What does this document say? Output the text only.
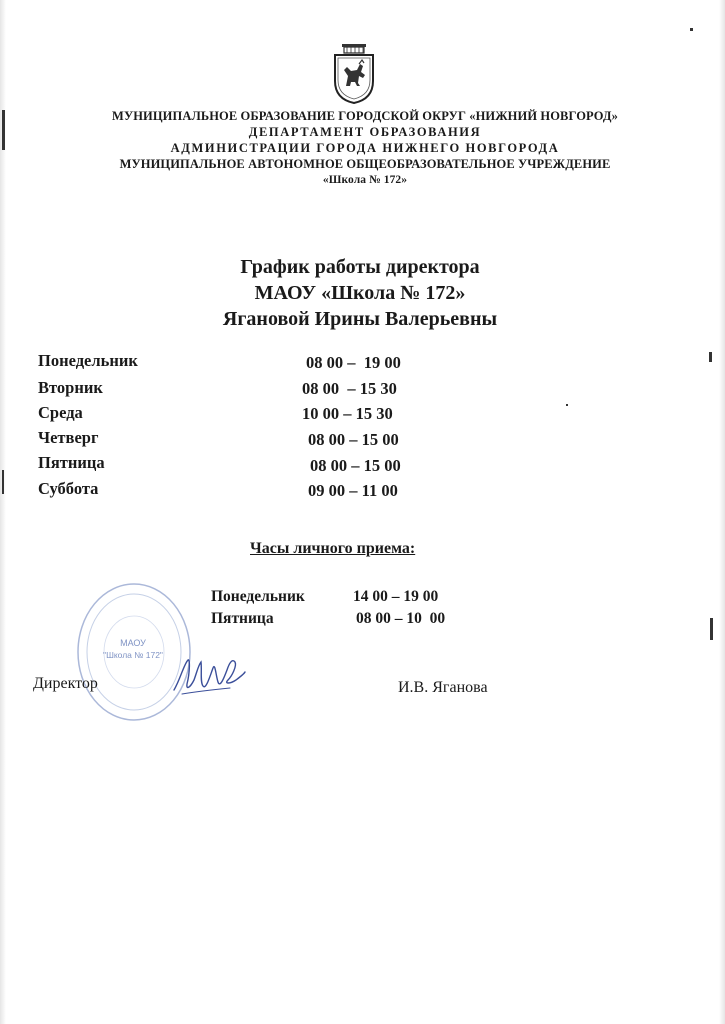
МУНИЦИПАЛЬНОЕ ОБРАЗОВАНИЕ ГОРОДСКОЙ ОКРУГ «НИЖНИЙ НОВГОРОД»
ДЕПАРТАМЕНТ ОБРАЗОВАНИЯ
АДМИНИСТРАЦИИ ГОРОДА НИЖНЕГО НОВГОРОДА
МУНИЦИПАЛЬНОЕ АВТОНОМНОЕ ОБЩЕОБРАЗОВАТЕЛЬНОЕ УЧРЕЖДЕНИЕ
«Школа № 172»
График работы директора
МАОУ «Школа № 172»
Ягановой Ирины Валерьевны
Понедельник	08 00 –  19 00
Вторник	08 00  – 15 30
Среда	10 00 – 15 30
Четверг	08 00 – 15 00
Пятница	08 00 – 15 00
Суббота	09 00 – 11 00
Часы личного приема:
Понедельник	14 00 – 19 00
Пятница	08 00 – 10  00
МАОУ
"Школа № 172"
Директор	И.В. Яганова
